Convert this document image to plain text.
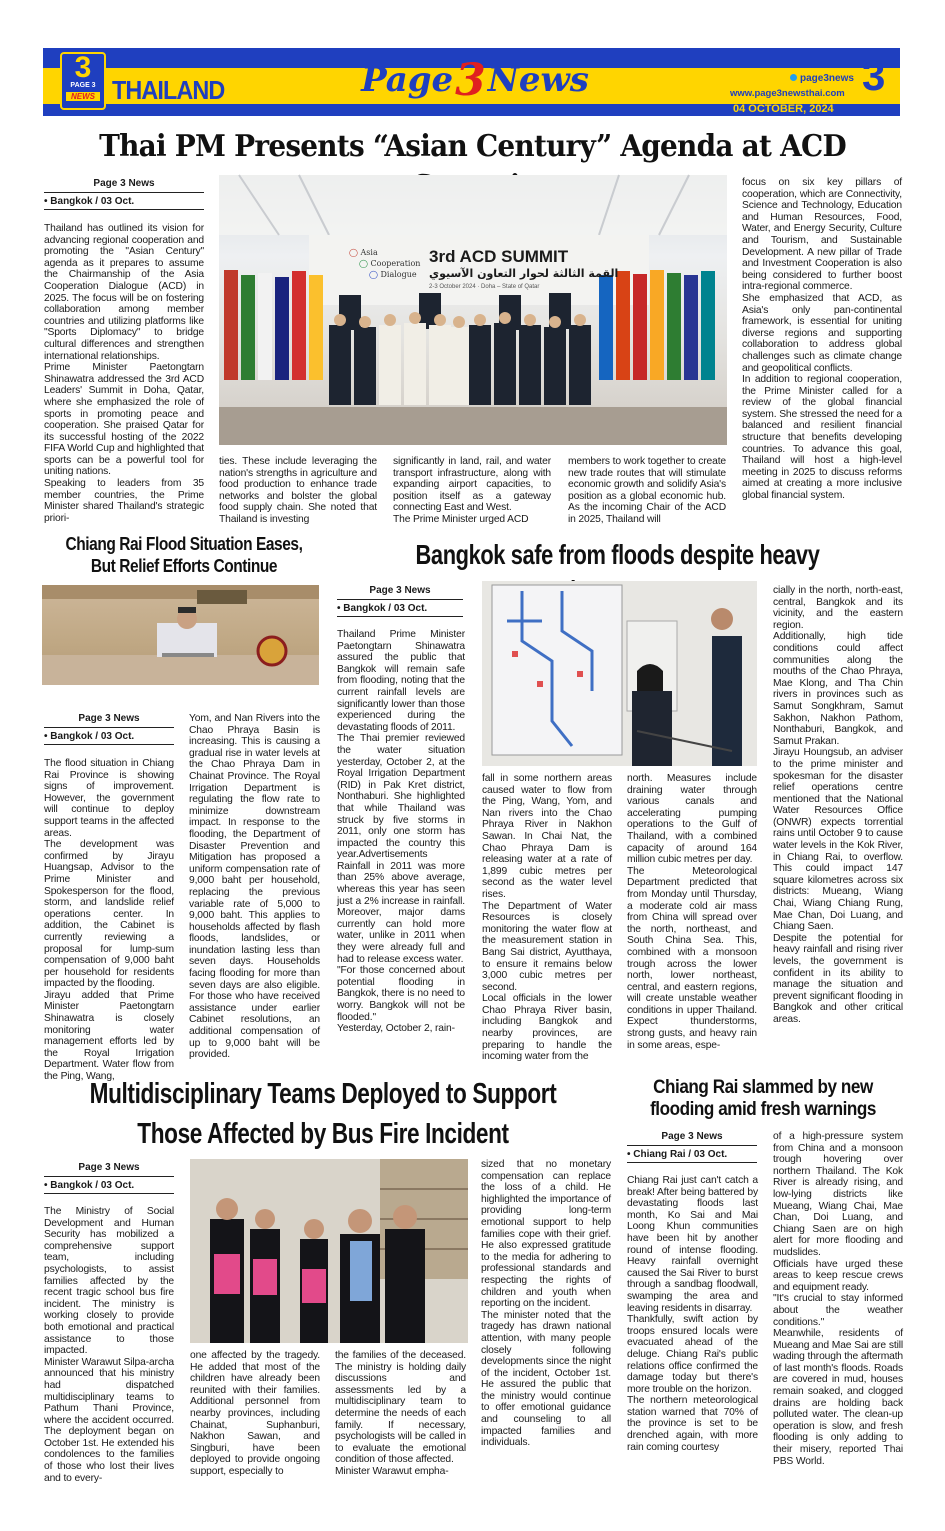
3
PAGE 3
NEWS THAILAND	Page 3 News	page3news
www.page3newsthai.com 3
04 OCTOBER, 2024
Thai PM Presents “Asian Century” Agenda at ACD
Page 3 News
• Bangkok / 03 Oct.

Thailand has outlined its vision for advancing regional cooperation and promoting the "Asian Century" agenda as it prepares to assume the Chairmanship of the Asia Cooperation Dialogue (ACD) in 2025. The focus will be on fostering collaboration among member countries and utilizing platforms like "Sports Diplomacy" to bridge cultural differences and strengthen international relationships.
Prime Minister Paetongtarn Shinawatra addressed the 3rd ACD Leaders' Summit in Doha, Qatar, where she emphasized the role of sports in promoting peace and cooperation. She praised Qatar for its successful hosting of the 2022 FIFA World Cup and highlighted that sports can be a powerful tool for uniting nations.
Speaking to leaders from 35 member countries, the Prime Minister shared Thailand's strategic priori-

3rd ACD SUMMIT
القمة الثالثة لحوار التعاون الآسيوي
2-3 October 2024 · Doha – State of Qatar
◯ Asia
◯ Cooperation
◯ Dialogue

ties. These include leveraging the nation's strengths in agriculture and food production to enhance trade networks and bolster the global food supply chain. She noted that Thailand is investing

significantly in land, rail, and water transport infrastructure, along with expanding airport capacities, to position itself as a gateway connecting East and West.
The Prime Minister urged ACD

members to work together to create new trade routes that will stimulate economic growth and solidify Asia's position as a global economic hub. As the incoming Chair of the ACD in 2025, Thailand will

focus on six key pillars of cooperation, which are Connectivity, Science and Technology, Education and Human Resources, Food, Water, and Energy Security, Culture and Tourism, and Sustainable Development. A new pillar of Trade and Investment Cooperation is also being considered to further boost intra-regional commerce.
She emphasized that ACD, as Asia's only pan-continental framework, is essential for uniting diverse regions and supporting collaboration to address global challenges such as climate change and geopolitical conflicts.
In addition to regional cooperation, the Prime Minister called for a review of the global financial system. She stressed the need for a balanced and resilient financial structure that benefits developing countries. To advance this goal, Thailand will host a high-level meeting in 2025 to discuss reforms aimed at creating a more inclusive global financial system.

Chiang Rai Flood Situation Eases,
But Relief Efforts Continue
Page 3 News
• Bangkok / 03 Oct.

The flood situation in Chiang Rai Province is showing signs of improvement. However, the government will continue to deploy support teams in the affected areas.
The development was confirmed by Jirayu Huangsap, Advisor to the Prime Minister and Spokesperson for the flood, storm, and landslide relief operations center. In addition, the Cabinet is currently reviewing a proposal for lump-sum compensation of 9,000 baht per household for residents impacted by the flooding.
Jirayu added that Prime Minister Paetongtarn Shinawatra is closely monitoring water management efforts led by the Royal Irrigation Department. Water flow from the Ping, Wang,

Yom, and Nan Rivers into the Chao Phraya Basin is increasing. This is causing a gradual rise in water levels at the Chao Phraya Dam in Chainat Province. The Royal Irrigation Department is regulating the flow rate to minimize downstream impact. In response to the flooding, the Department of Disaster Prevention and Mitigation has proposed a uniform compensation rate of 9,000 baht per household, replacing the previous variable rate of 5,000 to 9,000 baht. This applies to households affected by flash floods, landslides, or inundation lasting less than seven days. Households facing flooding for more than seven days are also eligible. For those who have received assistance under earlier Cabinet resolutions, an additional compensation of up to 9,000 baht will be provided.

Bangkok safe from floods despite heavy
Page 3 News
• Bangkok / 03 Oct.

Thailand Prime Minister Paetongtarn Shinawatra assured the public that Bangkok will remain safe from flooding, noting that the current rainfall levels are significantly lower than those experienced during the devastating floods of 2011.
The Thai premier reviewed the water situation yesterday, October 2, at the Royal Irrigation Department (RID) in Pak Kret district, Nonthaburi. She highlighted that while Thailand was struck by five storms in 2011, only one storm has impacted the country this year.Advertisements
Rainfall in 2011 was more than 25% above average, whereas this year has seen just a 2% increase in rainfall. Moreover, major dams currently can hold more water, unlike in 2011 when they were already full and had to release excess water.
"For those concerned about potential flooding in Bangkok, there is no need to worry. Bangkok will not be flooded."
Yesterday, October 2, rain-

fall in some northern areas caused water to flow from the Ping, Wang, Yom, and Nan rivers into the Chao Phraya River in Nakhon Sawan. In Chai Nat, the Chao Phraya Dam is releasing water at a rate of 1,899 cubic metres per second as the water level rises.
The Department of Water Resources is closely monitoring the water flow at the measurement station in Bang Sai district, Ayutthaya, to ensure it remains below 3,000 cubic metres per second.
Local officials in the lower Chao Phraya River basin, including Bangkok and nearby provinces, are preparing to handle the incoming water from the

north. Measures include draining water through various canals and accelerating pumping operations to the Gulf of Thailand, with a combined capacity of around 164 million cubic metres per day.
The Meteorological Department predicted that from Monday until Thursday, a moderate cold air mass from China will spread over the north, northeast, and South China Sea. This, combined with a monsoon trough across the lower north, lower northeast, central, and eastern regions, will create unstable weather conditions in upper Thailand. Expect thunderstorms, strong gusts, and heavy rain in some areas, espe-

cially in the north, north-east, central, Bangkok and its vicinity, and the eastern region.
Additionally, high tide conditions could affect communities along the mouths of the Chao Phraya, Mae Klong, and Tha Chin rivers in provinces such as Samut Songkhram, Samut Sakhon, Nakhon Pathom, Nonthaburi, Bangkok, and Samut Prakan.
Jirayu Houngsub, an adviser to the prime minister and spokesman for the disaster relief operations centre mentioned that the National Water Resources Office (ONWR) expects torrential rains until October 9 to cause water levels in the Kok River, in Chiang Rai, to overflow. This could impact 147 square kilometres across six districts: Mueang, Wiang Chai, Wiang Chiang Rung, Mae Chan, Doi Luang, and Chiang Saen.
Despite the potential for heavy rainfall and rising river levels, the government is confident in its ability to manage the situation and prevent significant flooding in Bangkok and other critical areas.

Multidisciplinary Teams Deployed to Support
Those Affected by Bus Fire Incident
Page 3 News
• Bangkok / 03 Oct.

The Ministry of Social Development and Human Security has mobilized a comprehensive support team, including psychologists, to assist families affected by the recent tragic school bus fire incident. The ministry is working closely to provide both emotional and practical assistance to those impacted.
Minister Warawut Silpa-archa announced that his ministry had dispatched multidisciplinary teams to Pathum Thani Province, where the accident occurred. The deployment began on October 1st. He extended his condolences to the families of those who lost their lives and to every-

one affected by the tragedy. He added that most of the children have already been reunited with their families. Additional personnel from nearby provinces, including Chainat, Suphanburi, Nakhon Sawan, and Singburi, have been deployed to provide ongoing support, especially to

the families of the deceased. The ministry is holding daily discussions and assessments led by a multidisciplinary team to determine the needs of each family. If necessary, psychologists will be called in to evaluate the emotional condition of those affected.
Minister Warawut empha-

sized that no monetary compensation can replace the loss of a child. He highlighted the importance of providing long-term emotional support to help families cope with their grief. He also expressed gratitude to the media for adhering to professional standards and respecting the rights of children and youth when reporting on the incident.
The minister noted that the tragedy has drawn national attention, with many people closely following developments since the night of the incident, October 1st. He assured the public that the ministry would continue to offer emotional guidance and counseling to all impacted families and individuals.

Chiang Rai slammed by new
flooding amid fresh warnings
Page 3 News
• Chiang Rai / 03 Oct.

Chiang Rai just can't catch a break! After being battered by devastating floods last month, Ko Sai and Mai Loong Khun communities have been hit by another round of intense flooding. Heavy rainfall overnight caused the Sai River to burst through a sandbag floodwall, swamping the area and leaving residents in disarray.
Thankfully, swift action by troops ensured locals were evacuated ahead of the deluge. Chiang Rai's public relations office confirmed the damage today but there's more trouble on the horizon.
The northern meteorological station warned that 70% of the province is set to be drenched again, with more rain coming courtesy

of a high-pressure system from China and a monsoon trough hovering over northern Thailand. The Kok River is already rising, and low-lying districts like Mueang, Wiang Chai, Mae Chan, Doi Luang, and Chiang Saen are on high alert for more flooding and mudslides.
Officials have urged these areas to keep rescue crews and equipment ready.
"It's crucial to stay informed about the weather conditions."
Meanwhile, residents of Mueang and Mae Sai are still wading through the aftermath of last month's floods. Roads are covered in mud, houses remain soaked, and clogged drains are holding back polluted water. The clean-up operation is slow, and fresh flooding is only adding to their misery, reported Thai PBS World.
